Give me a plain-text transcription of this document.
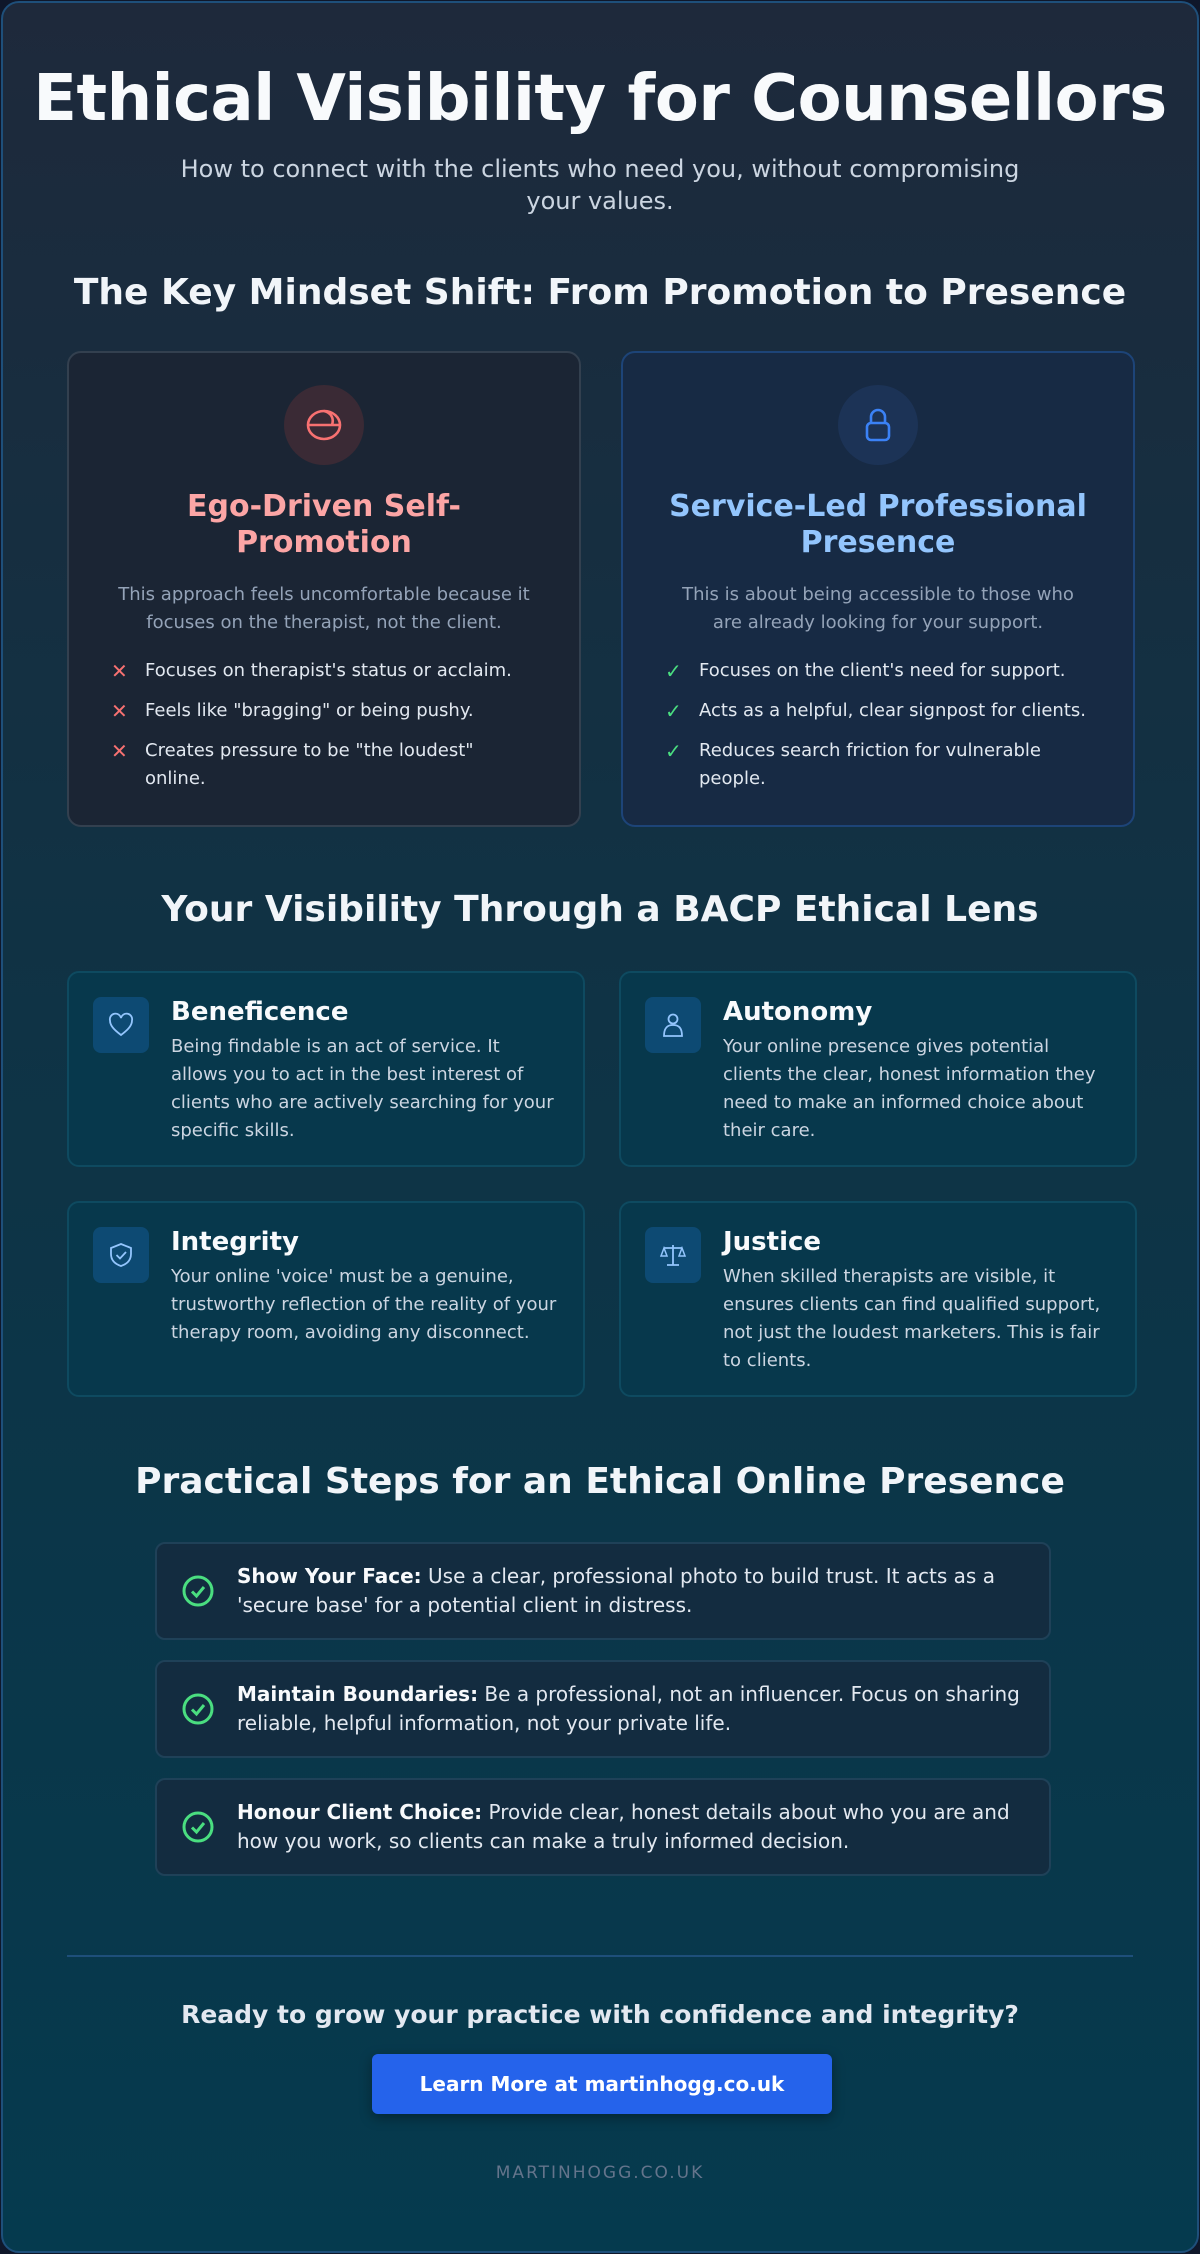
Ethical Visibility for Counsellors

How to connect with the clients who need you, without compromising your values.

The Key Mindset Shift: From Promotion to Presence
Ego-Driven Self-Promotion

This approach feels uncomfortable because it focuses on the therapist, not the client.

✕ Focuses on therapist's status or acclaim.
✕ Feels like "bragging" or being pushy.
✕ Creates pressure to be "the loudest" online.
Service-Led Professional Presence

This is about being accessible to those who are already looking for your support.

✓ Focuses on the client's need for support.
✓ Acts as a helpful, clear signpost for clients.
✓ Reduces search friction for vulnerable people.
Your Visibility Through a BACP Ethical Lens
Beneficence

Being findable is an act of service. It allows you to act in the best interest of clients who are actively searching for your specific skills.

Autonomy

Your online presence gives potential clients the clear, honest information they need to make an informed choice about their care.

Integrity

Your online 'voice' must be a genuine, trustworthy reflection of the reality of your therapy room, avoiding any disconnect.

Justice

When skilled therapists are visible, it ensures clients can find qualified support, not just the loudest marketers. This is fair to clients.

Practical Steps for an Ethical Online Presence

Show Your Face: Use a clear, professional photo to build trust. It acts as a 'secure base' for a potential client in distress.

Maintain Boundaries: Be a professional, not an influencer. Focus on sharing reliable, helpful information, not your private life.

Honour Client Choice: Provide clear, honest details about who you are and how you work, so clients can make a truly informed decision.

Ready to grow your practice with confidence and integrity?
Learn More at martinhogg.co.uk
MARTINHOGG.CO.UK
